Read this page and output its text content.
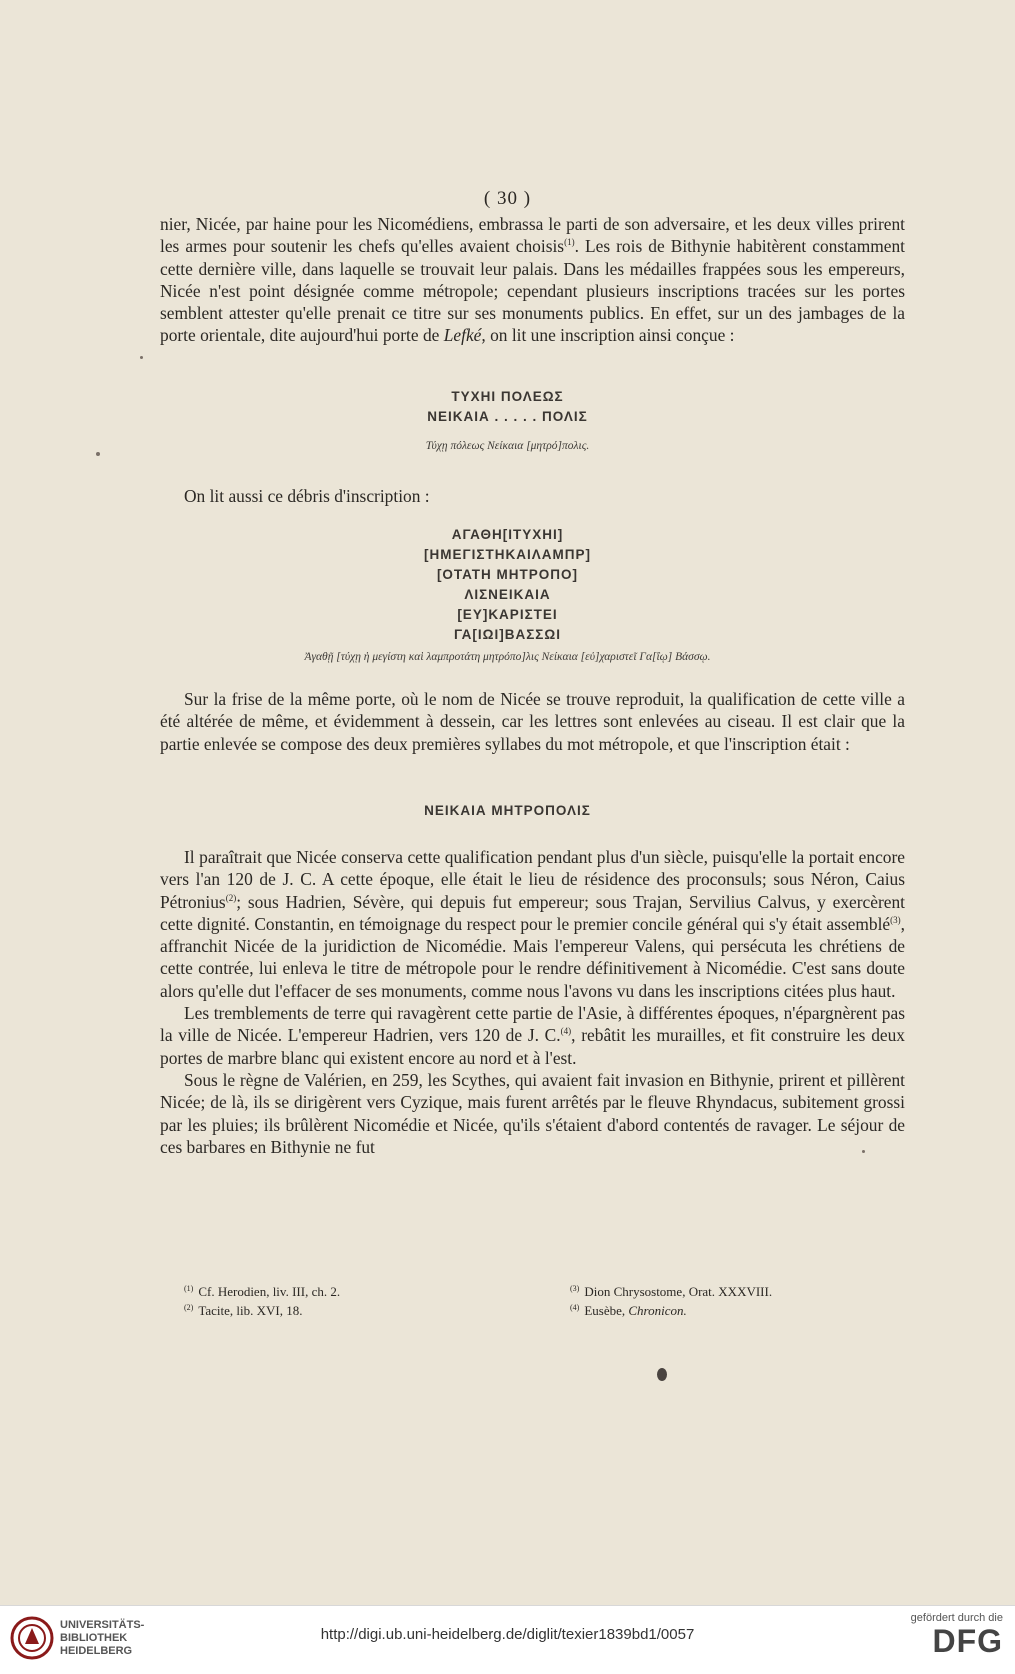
( 30 )

nier, Nicée, par haine pour les Nicomédiens, embrassa le parti de son adversaire, et les deux villes prirent les armes pour soutenir les chefs qu'elles avaient choisis$^{(1)}$. Les rois de Bithynie habitèrent constamment cette dernière ville, dans laquelle se trouvait leur palais. Dans les médailles frappées sous les empereurs, Nicée n'est point désignée comme métropole; cependant plusieurs inscriptions tracées sur les portes semblent attester qu'elle prenait ce titre sur ses monuments publics. En effet, sur un des jambages de la porte orientale, dite aujourd'hui porte de Lefké, on lit une inscription ainsi conçue :

ΤΥΧΗΙ ΠΟΛΕΩΣ
ΝΕΙΚΑΙΑ . . . . . ΠΟΛΙΣ
Τύχῃ πόλεως Νείκαια [μητρό]πολις.

On lit aussi ce débris d'inscription :

ΑΓΑΘΗ[ΙΤΥΧΗΙ]
[ΗΜΕΓΙΣΤΗΚΑΙΛΑΜΠΡ]
[ΟΤΑΤΗ ΜΗΤΡΟΠΟ]
ΛΙΣΝΕΙΚΑΙΑ
[ΕΥ]ΚΑΡΙΣΤΕΙ
ΓΑ[ΙΩΙ]ΒΑΣΣΩΙ
Ἀγαθῇ [τύχῃ ἡ μεγίστη καὶ λαμπροτάτη μητρόπο]λις Νείκαια [εὐ]χαριστεῖ Γα[ΐῳ] Βάσσῳ.

Sur la frise de la même porte, où le nom de Nicée se trouve reproduit, la qualification de cette ville a été altérée de même, et évidemment à dessein, car les lettres sont enlevées au ciseau. Il est clair que la partie enlevée se compose des deux premières syllabes du mot métropole, et que l'inscription était :

ΝΕΙΚΑΙΑ ΜΗΤΡΟΠΟΛΙΣ

Il paraîtrait que Nicée conserva cette qualification pendant plus d'un siècle, puisqu'elle la portait encore vers l'an 120 de J. C. A cette époque, elle était le lieu de résidence des proconsuls; sous Néron, Caius Pétronius$^{(2)}$; sous Hadrien, Sévère, qui depuis fut empereur; sous Trajan, Servilius Calvus, y exercèrent cette dignité. Constantin, en témoignage du respect pour le premier concile général qui s'y était assemblé$^{(3)}$, affranchit Nicée de la juridiction de Nicomédie. Mais l'empereur Valens, qui persécuta les chrétiens de cette contrée, lui enleva le titre de métropole pour le rendre définitivement à Nicomédie. C'est sans doute alors qu'elle dut l'effacer de ses monuments, comme nous l'avons vu dans les inscriptions citées plus haut.

Les tremblements de terre qui ravagèrent cette partie de l'Asie, à différentes époques, n'épargnèrent pas la ville de Nicée. L'empereur Hadrien, vers 120 de J. C.$^{(4)}$, rebâtit les murailles, et fit construire les deux portes de marbre blanc qui existent encore au nord et à l'est.

Sous le règne de Valérien, en 259, les Scythes, qui avaient fait invasion en Bithynie, prirent et pillèrent Nicée; de là, ils se dirigèrent vers Cyzique, mais furent arrêtés par le fleuve Rhyndacus, subitement grossi par les pluies; ils brûlèrent Nicomédie et Nicée, qu'ils s'étaient d'abord contentés de ravager. Le séjour de ces barbares en Bithynie ne fut

$^{(1)}$ Cf. Herodien, liv. III, ch. 2.
$^{(2)}$ Tacite, lib. XVI, 18.
$^{(3)}$ Dion Chrysostome, Orat. XXXVIII.
$^{(4)}$ Eusèbe, Chronicon.
UNIVERSITÄTS-
BIBLIOTHEK
HEIDELBERG
http://digi.ub.uni-heidelberg.de/diglit/texier1839bd1/0057
gefördert durch die
DFG
